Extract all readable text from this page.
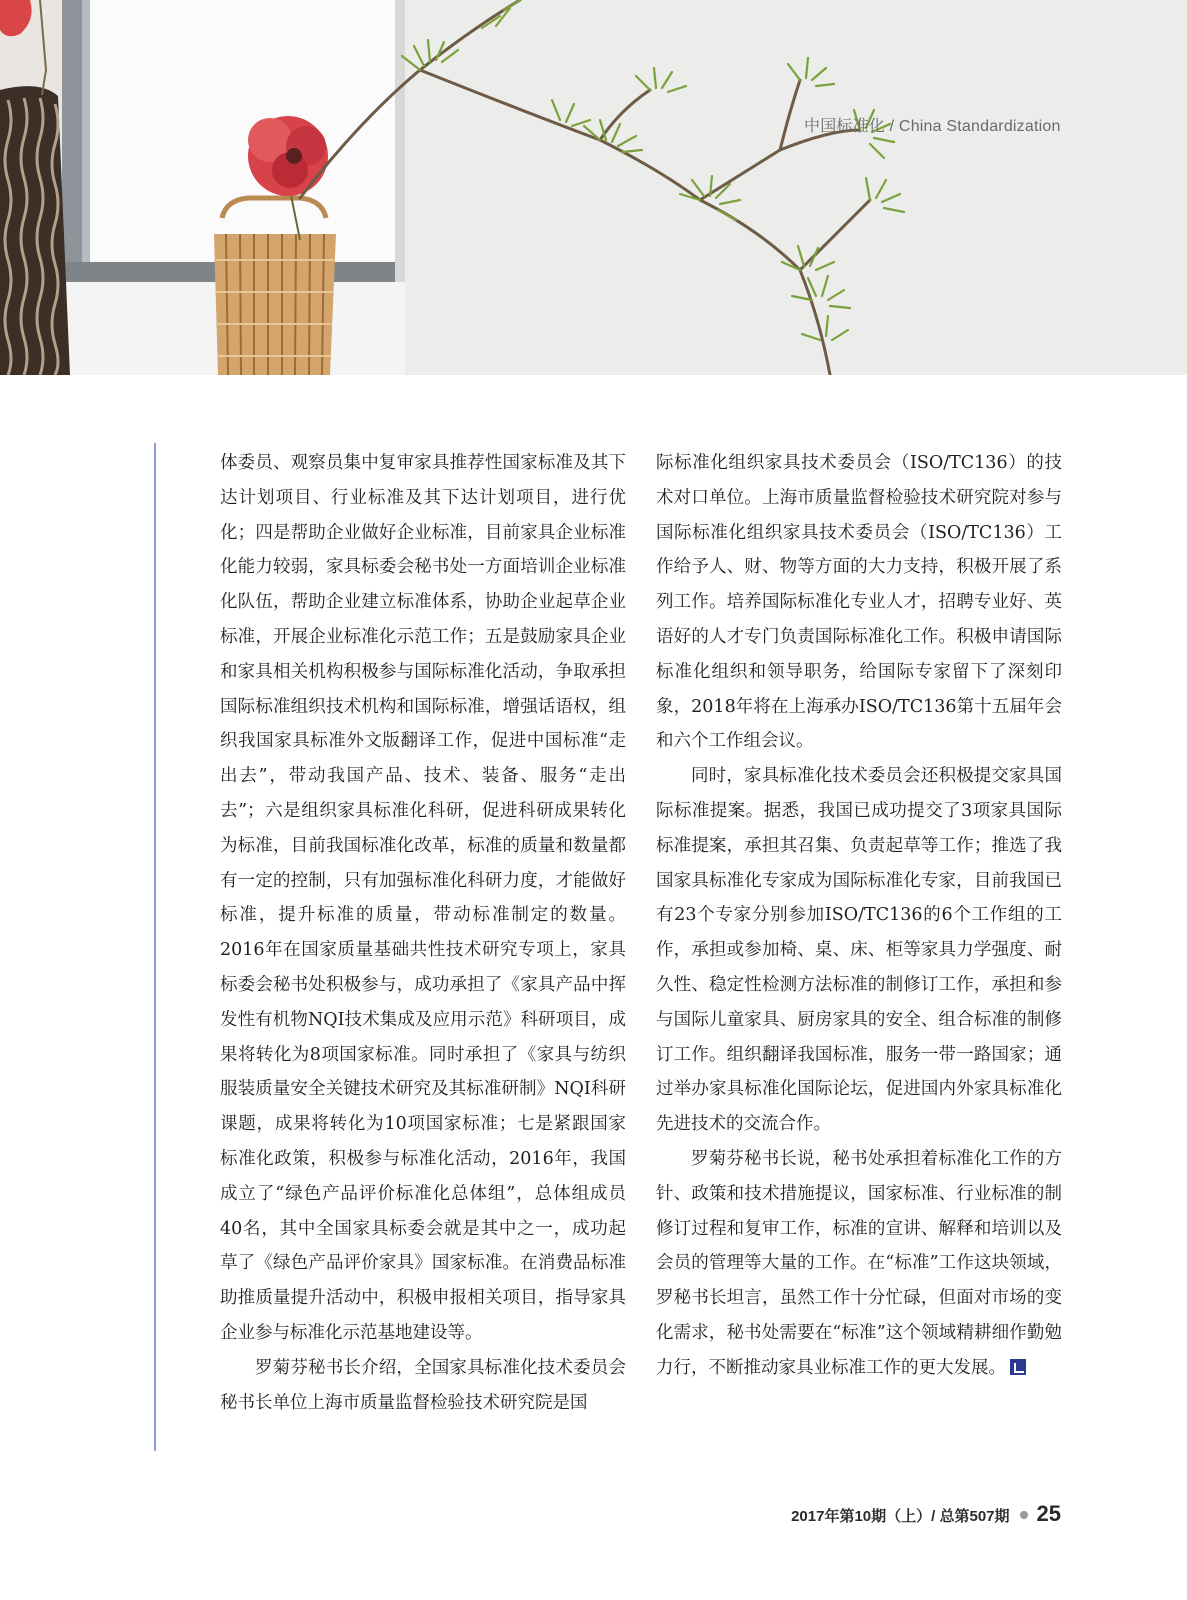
中国标准化 / China Standardization

体委员、观察员集中复审家具推荐性国家标准及其下达计划项目、行业标准及其下达计划项目，进行优化；四是帮助企业做好企业标准，目前家具企业标准化能力较弱，家具标委会秘书处一方面培训企业标准化队伍，帮助企业建立标准体系，协助企业起草企业标准，开展企业标准化示范工作；五是鼓励家具企业和家具相关机构积极参与国际标准化活动，争取承担国际标准组织技术机构和国际标准，增强话语权，组织我国家具标准外文版翻译工作，促进中国标准“走出去”，带动我国产品、技术、装备、服务“走出去”；六是组织家具标准化科研，促进科研成果转化为标准，目前我国标准化改革，标准的质量和数量都有一定的控制，只有加强标准化科研力度，才能做好标准，提升标准的质量，带动标准制定的数量。2016年在国家质量基础共性技术研究专项上，家具标委会秘书处积极参与，成功承担了《家具产品中挥发性有机物NQI技术集成及应用示范》科研项目，成果将转化为8项国家标准。同时承担了《家具与纺织服装质量安全关键技术研究及其标准研制》NQI科研课题，成果将转化为10项国家标准；七是紧跟国家标准化政策，积极参与标准化活动，2016年，我国成立了“绿色产品评价标准化总体组”，总体组成员40名，其中全国家具标委会就是其中之一，成功起草了《绿色产品评价家具》国家标准。在消费品标准助推质量提升活动中，积极申报相关项目，指导家具企业参与标准化示范基地建设等。

罗菊芬秘书长介绍，全国家具标准化技术委员会秘书长单位上海市质量监督检验技术研究院是国

际标准化组织家具技术委员会（ISO/TC136）的技术对口单位。上海市质量监督检验技术研究院对参与国际标准化组织家具技术委员会（ISO/TC136）工作给予人、财、物等方面的大力支持，积极开展了系列工作。培养国际标准化专业人才，招聘专业好、英语好的人才专门负责国际标准化工作。积极申请国际标准化组织和领导职务，给国际专家留下了深刻印象，2018年将在上海承办ISO/TC136第十五届年会和六个工作组会议。

同时，家具标准化技术委员会还积极提交家具国际标准提案。据悉，我国已成功提交了3项家具国际标准提案，承担其召集、负责起草等工作；推选了我国家具标准化专家成为国际标准化专家，目前我国已有23个专家分别参加ISO/TC136的6个工作组的工作，承担或参加椅、桌、床、柜等家具力学强度、耐久性、稳定性检测方法标准的制修订工作，承担和参与国际儿童家具、厨房家具的安全、组合标准的制修订工作。组织翻译我国标准，服务一带一路国家；通过举办家具标准化国际论坛，促进国内外家具标准化先进技术的交流合作。

罗菊芬秘书长说，秘书处承担着标准化工作的方针、政策和技术措施提议，国家标准、行业标准的制修订过程和复审工作，标准的宣讲、解释和培训以及会员的管理等大量的工作。在“标准”工作这块领域，罗秘书长坦言，虽然工作十分忙碌，但面对市场的变化需求，秘书处需要在“标准”这个领域精耕细作勤勉力行，不断推动家具业标准工作的更大发展。

2017年第10期（上）/ 总第507期 25
